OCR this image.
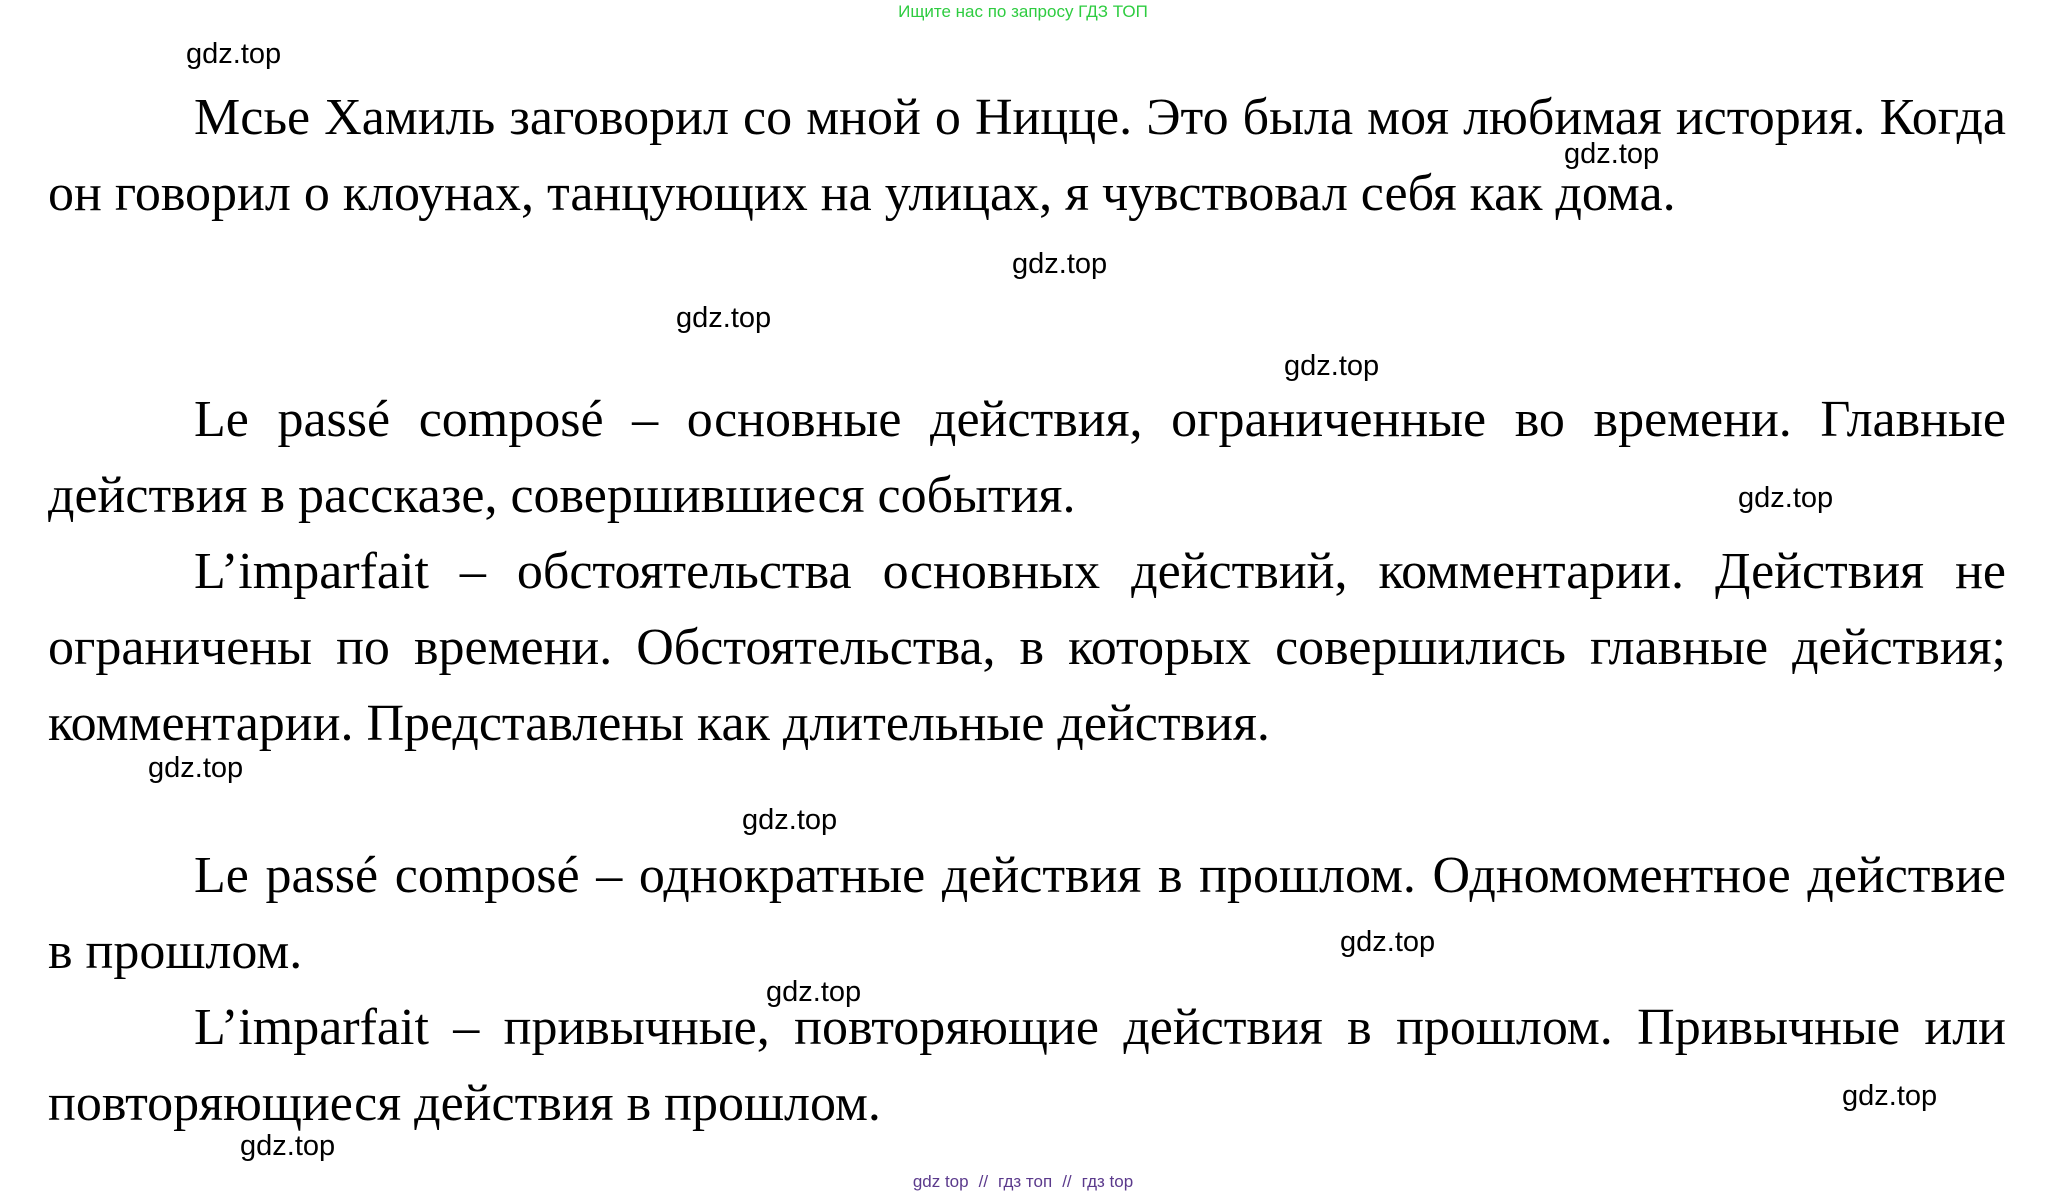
Ищите нас по запросу ГДЗ ТОП

Мсье Хамиль заговорил со мной о Ницце. Это была моя любимая история. Когда он говорил о клоунах, танцующих на улицах, я чувствовал себя как дома.

Le passé composé – основные действия, ограниченные во времени. Главные действия в рассказе, совершившиеся события.

L’imparfait – обстоятельства основных действий, комментарии. Действия не ограничены по времени. Обстоятельства, в которых совершились главные действия; комментарии. Представлены как длительные действия.

Le passé composé – однократные действия в прошлом. Одномоментное действие в прошлом.

L’imparfait – привычные, повторяющие действия в прошлом. Привычные или повторяющиеся действия в прошлом.

gdz.top
gdz.top
gdz.top
gdz.top
gdz.top
gdz.top
gdz.top
gdz.top
gdz.top
gdz.top
gdz.top
gdz.top
gdz top // гдз топ // гдз top
